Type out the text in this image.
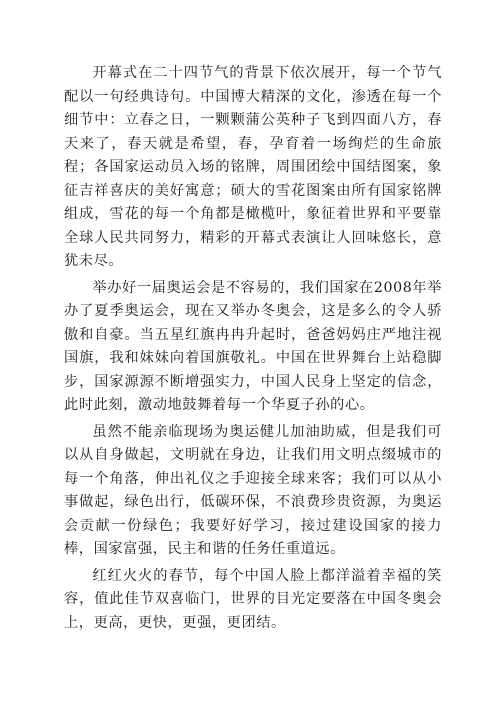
开幕式在二十四节气的背景下依次展开，每一个节气配以一句经典诗句。中国博大精深的文化，渗透在每一个细节中：立春之日，一颗颗蒲公英种子飞到四面八方，春天来了，春天就是希望，春，孕育着一场绚烂的生命旅程；各国家运动员入场的铭牌，周围团绘中国结图案，象征吉祥喜庆的美好寓意；硕大的雪花图案由所有国家铭牌组成，雪花的每一个角都是橄榄叶，象征着世界和平要靠全球人民共同努力，精彩的开幕式表演让人回味悠长，意犹未尽。

举办好一届奥运会是不容易的，我们国家在2008年举办了夏季奥运会，现在又举办冬奥会，这是多么的令人骄傲和自豪。当五星红旗冉冉升起时，爸爸妈妈庄严地注视国旗，我和妹妹向着国旗敬礼。中国在世界舞台上站稳脚步，国家源源不断增强实力，中国人民身上坚定的信念，此时此刻，激动地鼓舞着每一个华夏子孙的心。

虽然不能亲临现场为奥运健儿加油助威，但是我们可以从自身做起，文明就在身边，让我们用文明点缀城市的每一个角落，伸出礼仪之手迎接全球来客；我们可以从小事做起，绿色出行，低碳环保，不浪费珍贵资源，为奥运会贡献一份绿色；我要好好学习，接过建设国家的接力棒，国家富强，民主和谐的任务任重道远。

红红火火的春节，每个中国人脸上都洋溢着幸福的笑容，值此佳节双喜临门，世界的目光定要落在中国冬奥会上，更高，更快，更强，更团结。
